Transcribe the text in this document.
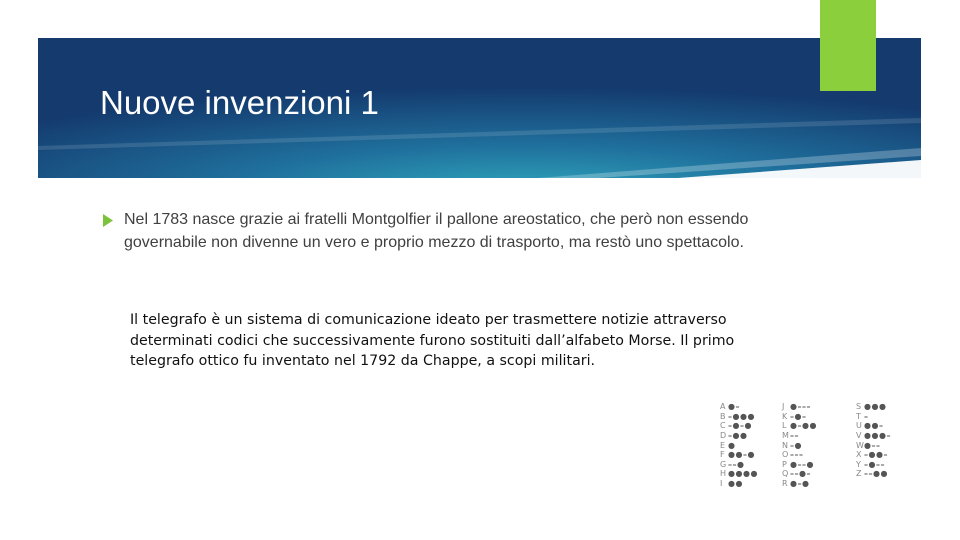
Nuove invenzioni 1
Nel 1783 nasce grazie ai fratelli Montgolfier il pallone areostatico, che però non essendo governabile non divenne un vero e proprio mezzo di trasporto, ma restò uno spettacolo.
Il telegrafo è un sistema di comunicazione ideato per trasmettere notizie attraverso determinati codici che successivamente furono sostituiti dall’alfabeto Morse. Il primo telegrafo ottico fu inventato nel 1792 da Chappe, a scopi militari.
A ●–
B –●●●
C –●–●
D –●●
E ●
F ●●–●
G ––●
H ●●●●
I ●●
J ●–––
K –●–
L ●–●●
M ––
N –●
O –––
P ●––●
Q ––●–
R ●–●
S ●●●
T –
U ●●–
V ●●●–
W ●––
X –●●–
Y –●––
Z ––●●
